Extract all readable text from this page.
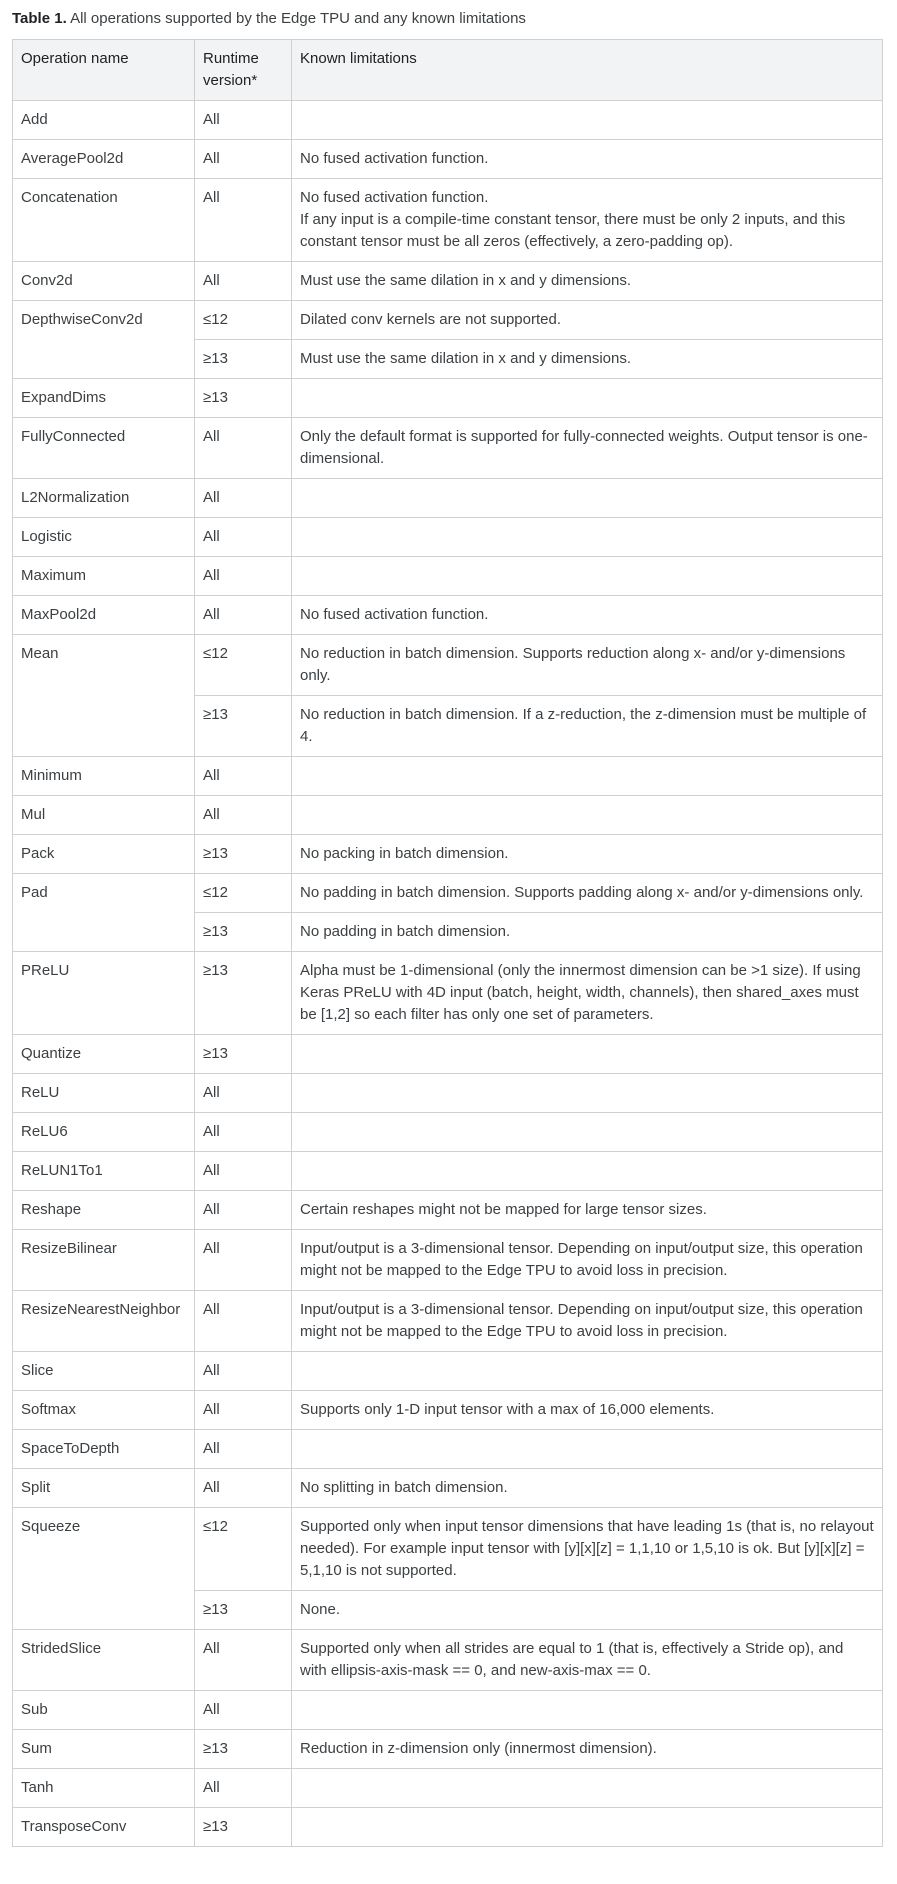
Table 1. All operations supported by the Edge TPU and any known limitations

Operation name	Runtime version*	Known limitations
Add	All	
AveragePool2d	All	No fused activation function.
Concatenation	All	No fused activation function.
If any input is a compile-time constant tensor, there must be only 2 inputs, and this constant tensor must be all zeros (effectively, a zero-padding op).
Conv2d	All	Must use the same dilation in x and y dimensions.
DepthwiseConv2d	≤12	Dilated conv kernels are not supported.
	≥13	Must use the same dilation in x and y dimensions.
ExpandDims	≥13	
FullyConnected	All	Only the default format is supported for fully-connected weights. Output tensor is one-dimensional.
L2Normalization	All	
Logistic	All	
Maximum	All	
MaxPool2d	All	No fused activation function.
Mean	≤12	No reduction in batch dimension. Supports reduction along x- and/or y-dimensions only.
	≥13	No reduction in batch dimension. If a z-reduction, the z-dimension must be multiple of 4.
Minimum	All	
Mul	All	
Pack	≥13	No packing in batch dimension.
Pad	≤12	No padding in batch dimension. Supports padding along x- and/or y-dimensions only.
	≥13	No padding in batch dimension.
PReLU	≥13	Alpha must be 1-dimensional (only the innermost dimension can be >1 size). If using Keras PReLU with 4D input (batch, height, width, channels), then shared_axes must be [1,2] so each filter has only one set of parameters.
Quantize	≥13	
ReLU	All	
ReLU6	All	
ReLUN1To1	All	
Reshape	All	Certain reshapes might not be mapped for large tensor sizes.
ResizeBilinear	All	Input/output is a 3-dimensional tensor. Depending on input/output size, this operation might not be mapped to the Edge TPU to avoid loss in precision.
ResizeNearestNeighbor	All	Input/output is a 3-dimensional tensor. Depending on input/output size, this operation might not be mapped to the Edge TPU to avoid loss in precision.
Slice	All	
Softmax	All	Supports only 1-D input tensor with a max of 16,000 elements.
SpaceToDepth	All	
Split	All	No splitting in batch dimension.
Squeeze	≤12	Supported only when input tensor dimensions that have leading 1s (that is, no relayout needed). For example input tensor with [y][x][z] = 1,1,10 or 1,5,10 is ok. But [y][x][z] = 5,1,10 is not supported.
	≥13	None.
StridedSlice	All	Supported only when all strides are equal to 1 (that is, effectively a Stride op), and with ellipsis-axis-mask == 0, and new-axis-max == 0.
Sub	All	
Sum	≥13	Reduction in z-dimension only (innermost dimension).
Tanh	All	
TransposeConv	≥13	
